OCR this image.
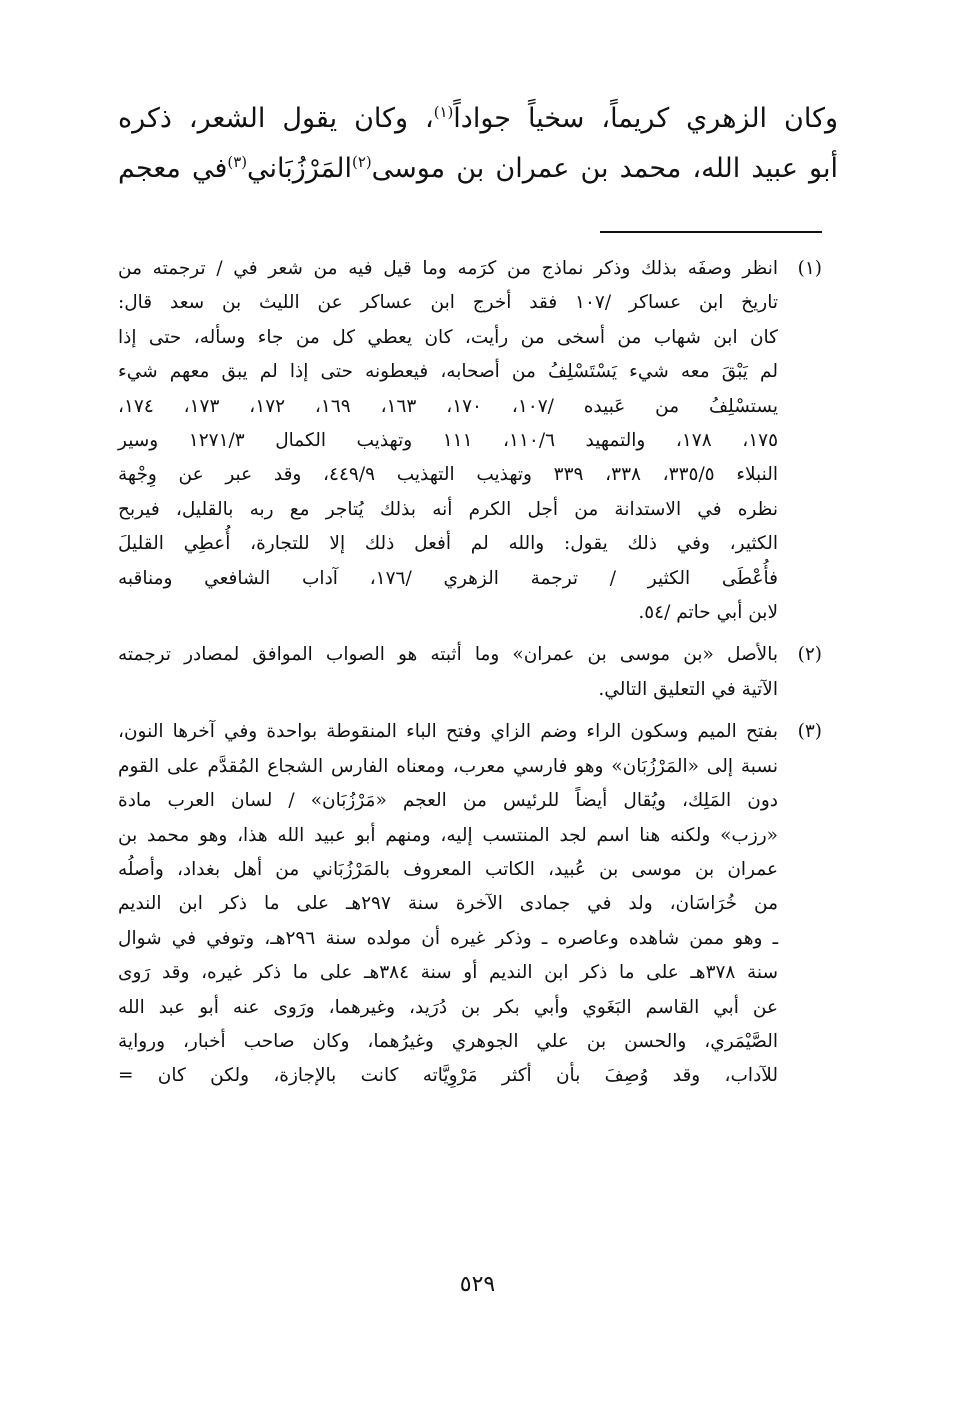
وكان الزهري كريماً، سخياً جواداً$^{(١)}$، وكان يقول الشعر، ذكره

أبو عبيد الله، محمد بن عمران بن موسى$^{(٢)}$المَرْزُبَاني$^{(٣)}$في معجم

(١)
انظر وصفَه بذلك وذكر نماذج من كرَمه وما قيل فيه من شعر في / ترجمته من
تاريخ ابن عساكر /١٠٧ فقد أخرج ابن عساكر عن الليث بن سعد قال:
كان ابن شهاب من أسخى من رأيت، كان يعطي كل من جاء وسأله، حتى إذا
لم يَبْقَ معه شيء يَسْتَسْلِفُ من أصحابه، فيعطونه حتى إذا لم يبق معهم شيء
يستسْلِفُ من عَبيده /١٠٧، ١٧٠، ١٦٣، ١٦٩، ١٧٢، ١٧٣، ١٧٤،
١٧٥، ١٧٨، والتمهيد ١١٠/٦، ١١١ وتهذيب الكمال ١٢٧١/٣ وسير
النبلاء ٣٣٥/٥، ٣٣٨، ٣٣٩ وتهذيب التهذيب ٤٤٩/٩، وقد عبر عن وِجْهة
نظره في الاستدانة من أجل الكرم أنه بذلك يُتاجر مع ربه بالقليل، فيربح
الكثير، وفي ذلك يقول: والله لم أفعل ذلك إلا للتجارة، أُعطِي القليلَ
فأُعْطَى الكثير / ترجمة الزهري /١٧٦، آداب الشافعي ومناقبه
لابن أبي حاتم /٥٤.
(٢)
بالأصل «بن موسى بن عمران» وما أثبته هو الصواب الموافق لمصادر ترجمته
الآتية في التعليق التالي.
(٣)
بفتح الميم وسكون الراء وضم الزاي وفتح الباء المنقوطة بواحدة وفي آخرها النون،
نسبة إلى «المَرْزُبَان» وهو فارسي معرب، ومعناه الفارس الشجاع المُقدَّم على القوم
دون المَلِك، ويُقال أيضاً للرئيس من العجم «مَرْزُبَان» / لسان العرب مادة
«رزب» ولكنه هنا اسم لجد المنتسب إليه، ومنهم أبو عبيد الله هذا، وهو محمد بن
عمران بن موسى بن عُبيد، الكاتب المعروف بالمَرْزُبَاني من أهل بغداد، وأصلُه
من خُرَاسَان، ولد في جمادى الآخرة سنة ٢٩٧هـ على ما ذكر ابن النديم
ـ وهو ممن شاهده وعاصره ـ وذكر غيره أن مولده سنة ٢٩٦هـ، وتوفي في شوال
سنة ٣٧٨هـ على ما ذكر ابن النديم أو سنة ٣٨٤هـ على ما ذكر غيره، وقد رَوى
عن أبي القاسم البَغَوي وأبي بكر بن دُرَيد، وغيرهما، ورَوى عنه أبو عبد الله
الصَّيْمَري، والحسن بن علي الجوهري وغيرُهما، وكان صاحب أخبار، ورواية
للآداب، وقد وُصِفَ بأن أكثر مَرْوِيَّاته كانت بالإجازة، ولكن كان =
٥٢٩
